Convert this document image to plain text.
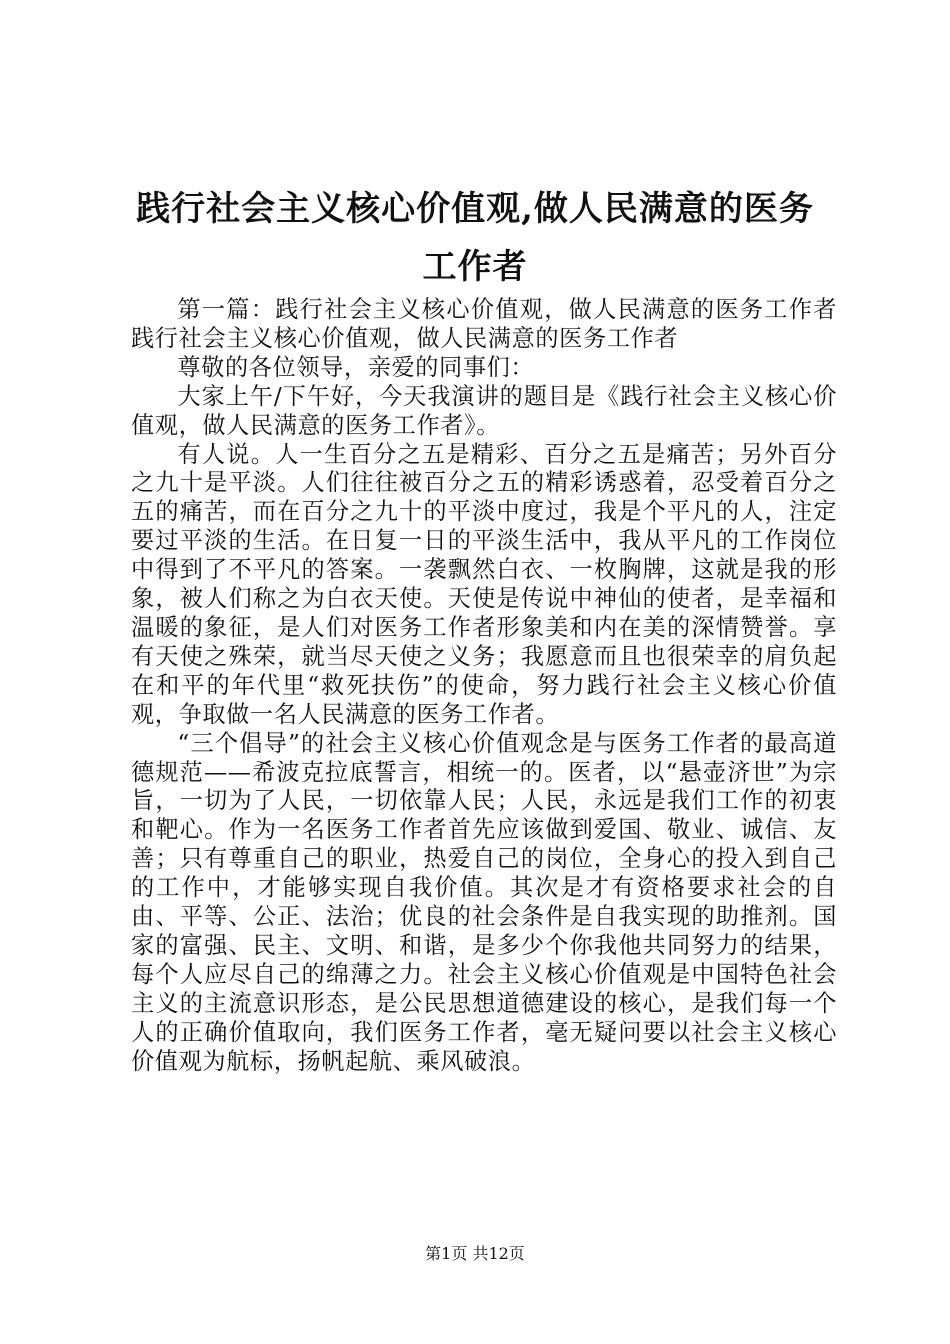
践行社会主义核心价值观,做人民满意的医务
工作者

第一篇：践行社会主义核心价值观，做人民满意的医务工作者践行社会主义核心价值观，做人民满意的医务工作者

尊敬的各位领导，亲爱的同事们：

大家上午/下午好，今天我演讲的题目是《践行社会主义核心价值观，做人民满意的医务工作者》。

有人说。人一生百分之五是精彩、百分之五是痛苦；另外百分之九十是平淡。人们往往被百分之五的精彩诱惑着，忍受着百分之五的痛苦，而在百分之九十的平淡中度过，我是个平凡的人，注定要过平淡的生活。在日复一日的平淡生活中，我从平凡的工作岗位中得到了不平凡的答案。一袭飘然白衣、一枚胸牌，这就是我的形象，被人们称之为白衣天使。天使是传说中神仙的使者，是幸福和温暖的象征，是人们对医务工作者形象美和内在美的深情赞誉。享有天使之殊荣，就当尽天使之义务；我愿意而且也很荣幸的肩负起在和平的年代里“救死扶伤”的使命，努力践行社会主义核心价值观，争取做一名人民满意的医务工作者。

“三个倡导”的社会主义核心价值观念是与医务工作者的最高道德规范——希波克拉底誓言，相统一的。医者，以“悬壶济世”为宗旨，一切为了人民，一切依靠人民；人民，永远是我们工作的初衷和靶心。作为一名医务工作者首先应该做到爱国、敬业、诚信、友善；只有尊重自己的职业，热爱自己的岗位，全身心的投入到自己的工作中，才能够实现自我价值。其次是才有资格要求社会的自由、平等、公正、法治；优良的社会条件是自我实现的助推剂。国家的富强、民主、文明、和谐，是多少个你我他共同努力的结果，每个人应尽自己的绵薄之力。社会主义核心价值观是中国特色社会主义的主流意识形态，是公民思想道德建设的核心，是我们每一个人的正确价值取向，我们医务工作者，毫无疑问要以社会主义核心价值观为航标，扬帆起航、乘风破浪。

第1页 共12页
